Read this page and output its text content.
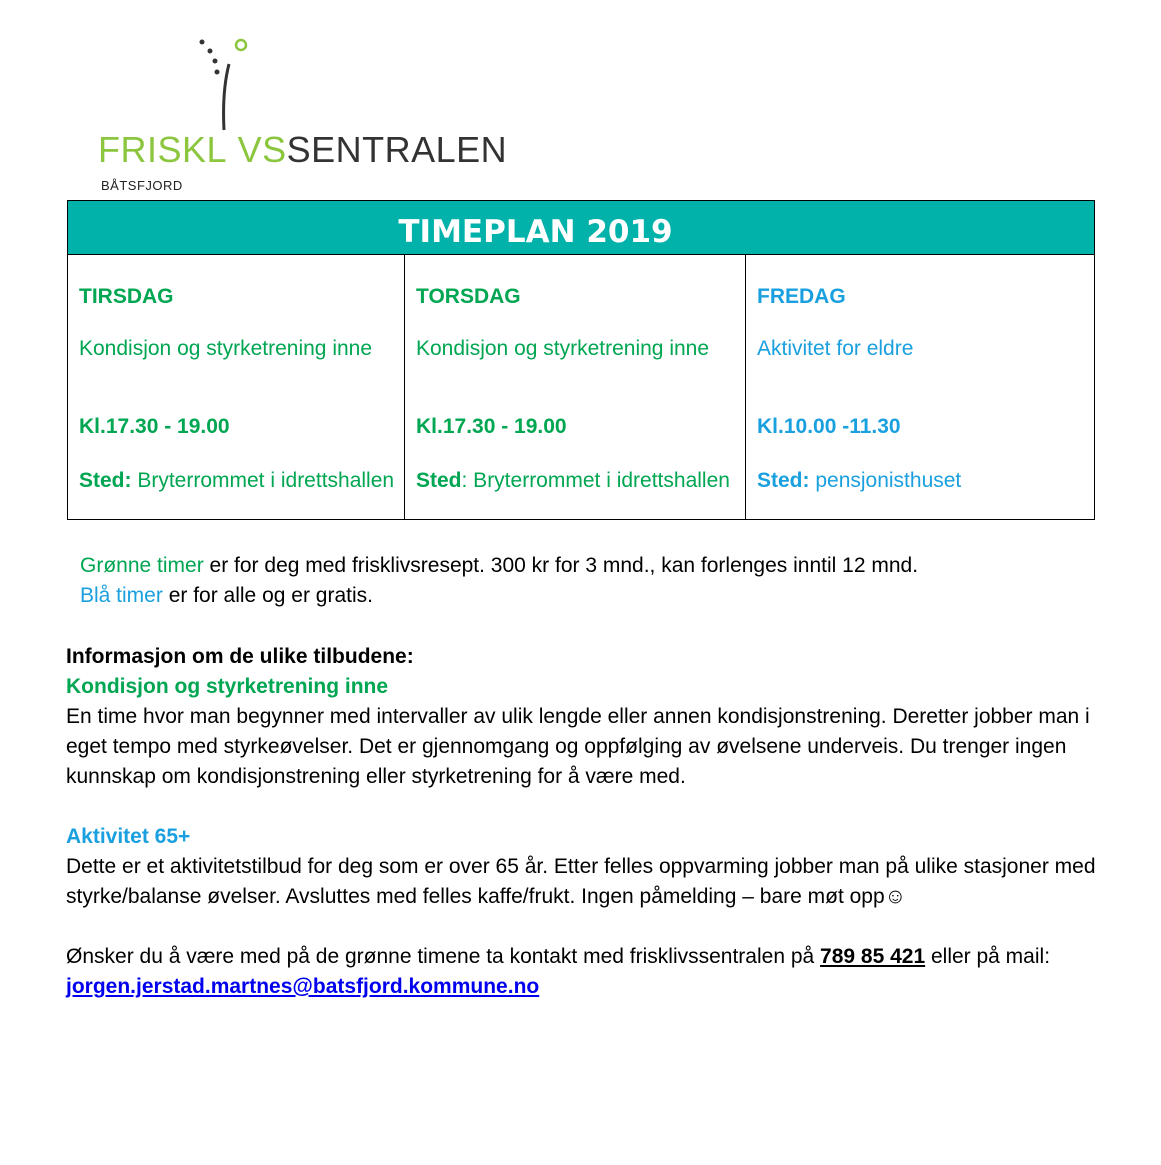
FRISKL VSSENTRALEN
BÅTSFJORD
TIMEPLAN 2019
TIRSDAG
Kondisjon og styrketrening inne
Kl.17.30 - 19.00
Sted: Bryterrommet i idrettshallen
TORSDAG
Kondisjon og styrketrening inne
Kl.17.30 - 19.00
Sted: Bryterrommet i idrettshallen
FREDAG
Aktivitet for eldre
Kl.10.00 -11.30
Sted: pensjonisthuset
Grønne timer er for deg med frisklivsresept. 300 kr for 3 mnd., kan forlenges inntil 12 mnd.
Blå timer er for alle og er gratis.
Informasjon om de ulike tilbudene:
Kondisjon og styrketrening inne

En time hvor man begynner med intervaller av ulik lengde eller annen kondisjonstrening. Deretter jobber man i eget tempo med styrkeøvelser. Det er gjennomgang og oppfølging av øvelsene underveis. Du trenger ingen kunnskap om kondisjonstrening eller styrketrening for å være med.

Aktivitet 65+

Dette er et aktivitetstilbud for deg som er over 65 år. Etter felles oppvarming jobber man på ulike stasjoner med styrke/balanse øvelser. Avsluttes med felles kaffe/frukt. Ingen påmelding – bare møt opp☺

Ønsker du å være med på de grønne timene ta kontakt med frisklivssentralen på 789 85 421 eller på mail: jorgen.jerstad.martnes@batsfjord.kommune.no
